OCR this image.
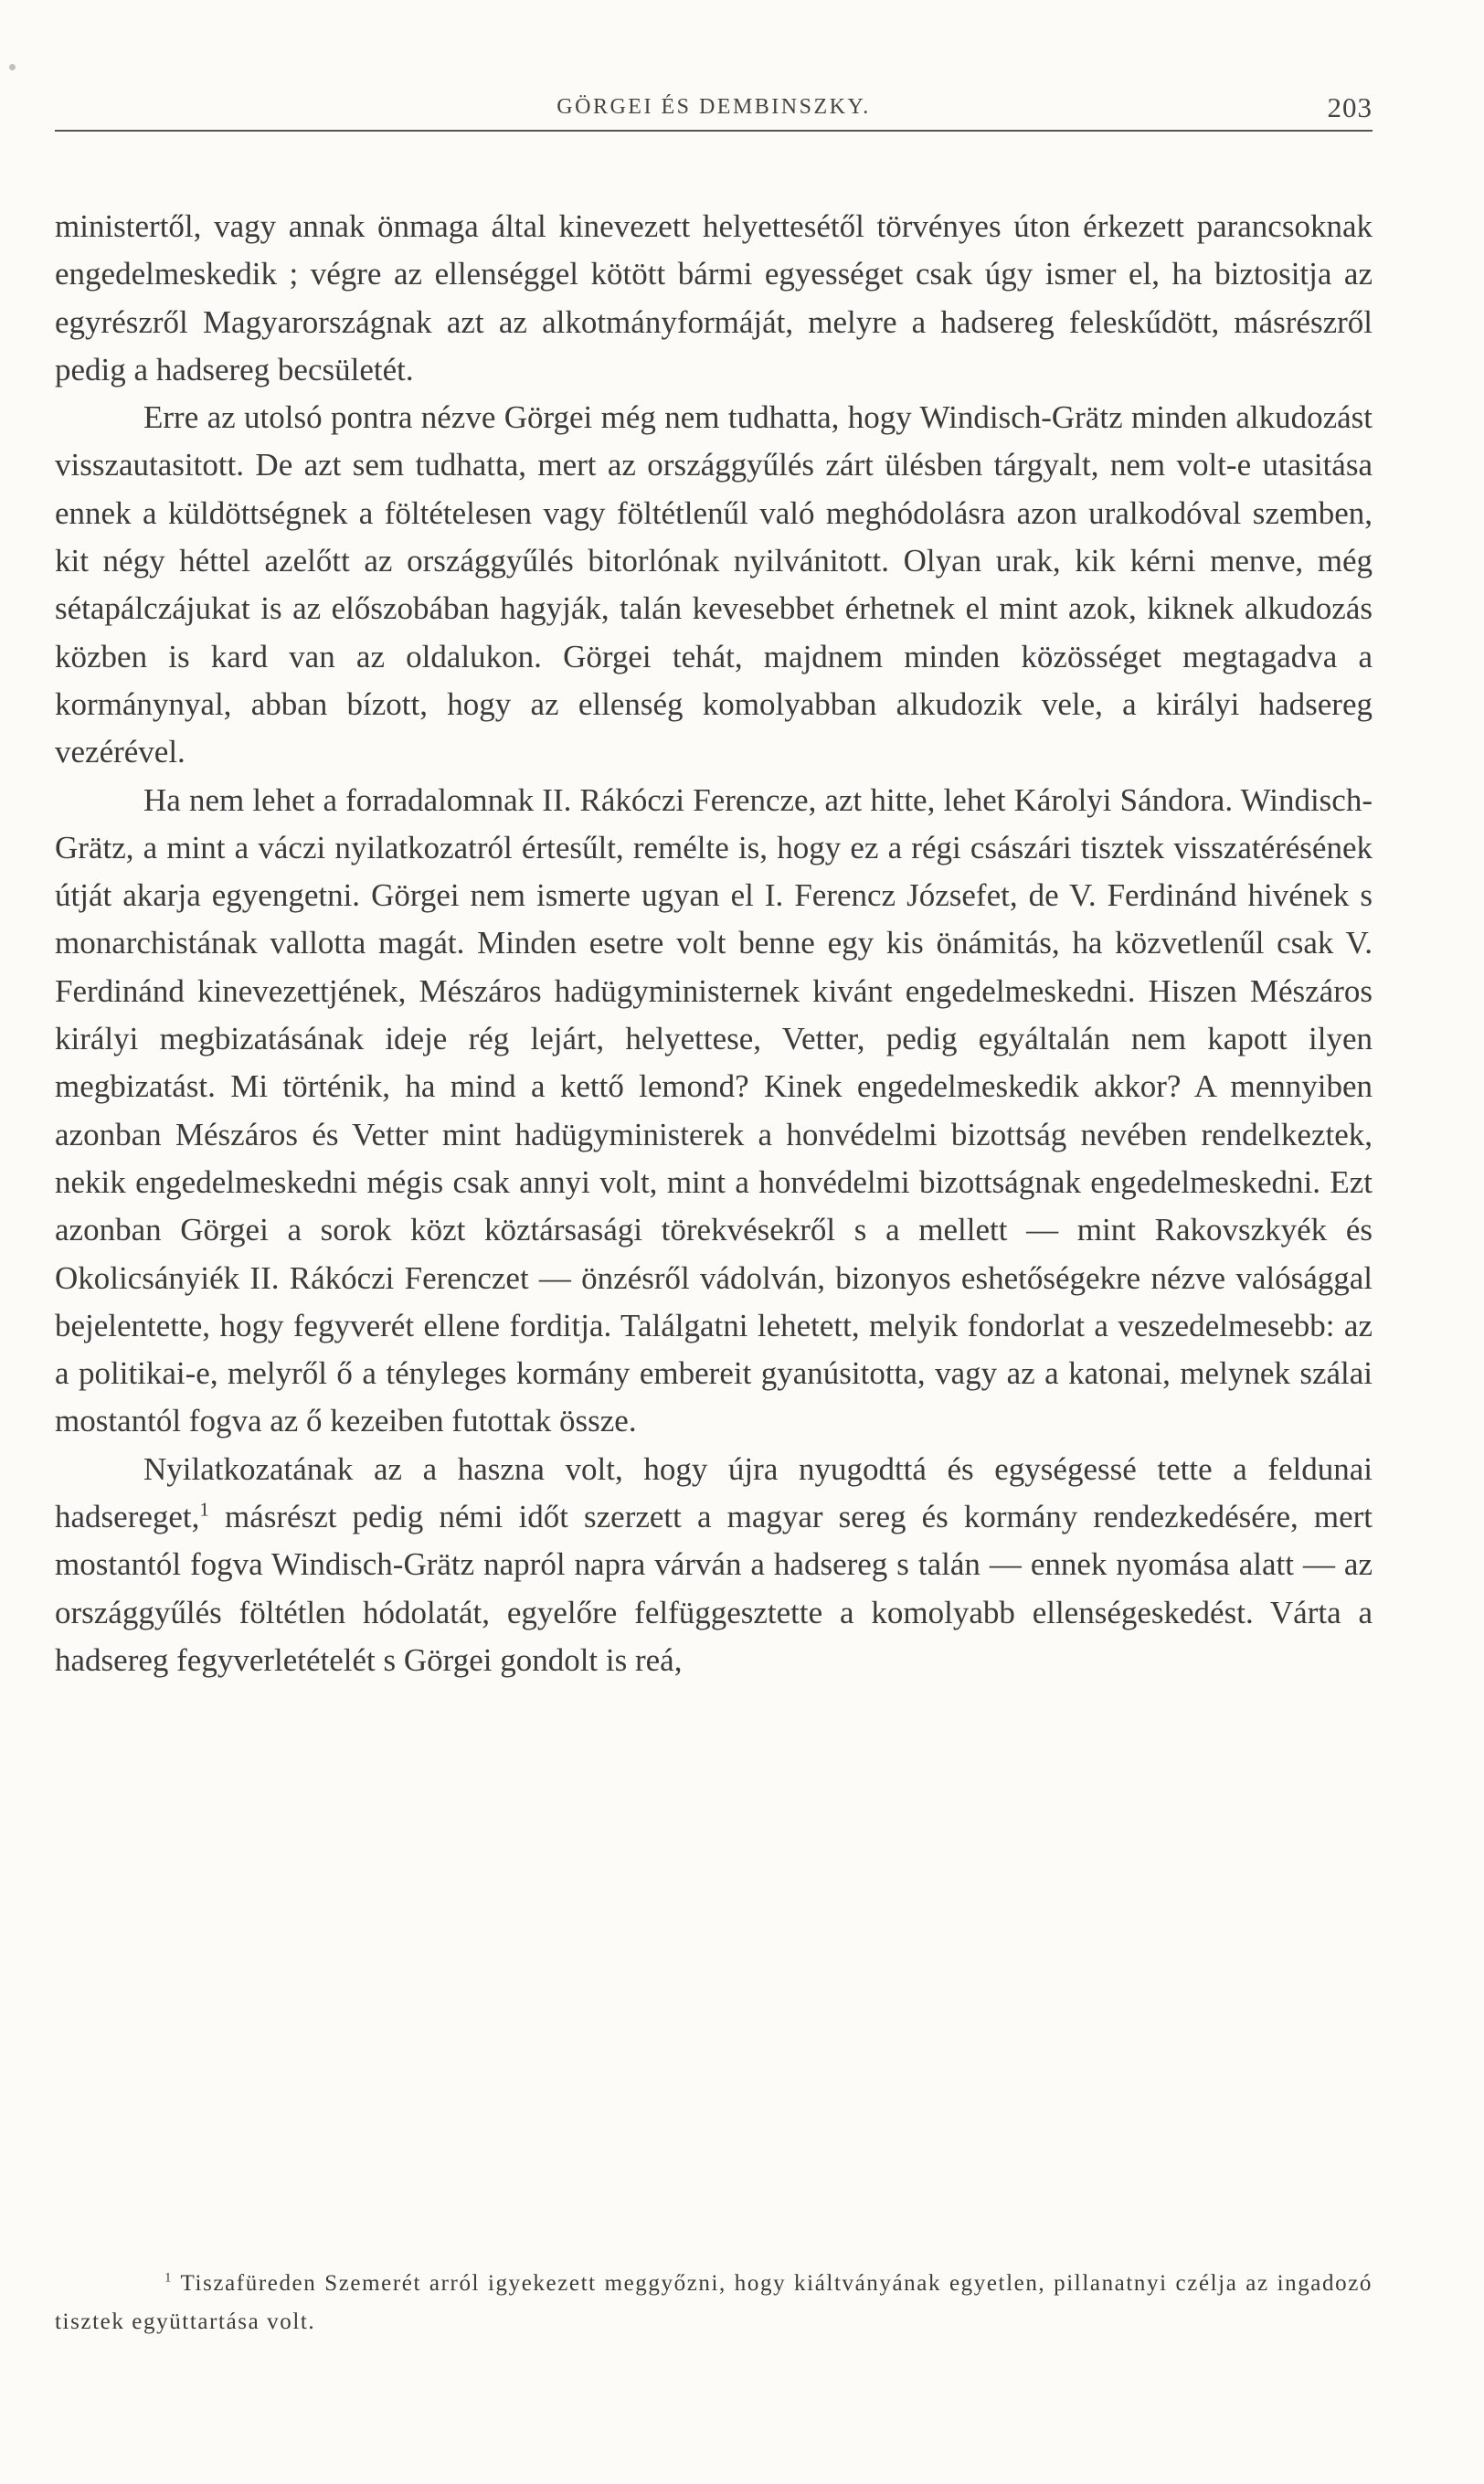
GÖRGEI ÉS DEMBINSZKY.	203

ministertől, vagy annak önmaga által kinevezett helyettesétől törvényes úton érkezett parancsoknak engedelmeskedik ; végre az ellenséggel kötött bármi egyességet csak úgy ismer el, ha biztositja az egyrészről Magyarországnak azt az alkotmányformáját, melyre a hadsereg feleskűdött, másrészről pedig a hadsereg becsületét.

Erre az utolsó pontra nézve Görgei még nem tudhatta, hogy Windisch-Grätz minden alkudozást visszautasitott. De azt sem tudhatta, mert az országgyűlés zárt ülésben tárgyalt, nem volt-e utasitása ennek a küldöttségnek a föltételesen vagy föltétlenűl való meghódolásra azon uralkodóval szemben, kit négy héttel azelőtt az országgyűlés bitorlónak nyilvánitott. Olyan urak, kik kérni menve, még sétapálczájukat is az előszobában hagyják, talán kevesebbet érhetnek el mint azok, kiknek alkudozás közben is kard van az oldalukon. Görgei tehát, majdnem minden közösséget megtagadva a kormánynyal, abban bízott, hogy az ellenség komolyabban alkudozik vele, a királyi hadsereg vezérével.

Ha nem lehet a forradalomnak II. Rákóczi Ferencze, azt hitte, lehet Károlyi Sándora. Windisch-Grätz, a mint a váczi nyilatkozatról értesűlt, remélte is, hogy ez a régi császári tisztek visszatérésének útját akarja egyengetni. Görgei nem ismerte ugyan el I. Ferencz Józsefet, de V. Ferdinánd hivének s monarchistának vallotta magát. Minden esetre volt benne egy kis önámitás, ha közvetlenűl csak V. Ferdinánd kinevezettjének, Mészáros hadügyministernek kivánt engedelmeskedni. Hiszen Mészáros királyi megbizatásának ideje rég lejárt, helyettese, Vetter, pedig egyáltalán nem kapott ilyen megbizatást. Mi történik, ha mind a kettő lemond? Kinek engedelmeskedik akkor? A mennyiben azonban Mészáros és Vetter mint hadügyministerek a honvédelmi bizottság nevében rendelkeztek, nekik engedelmeskedni mégis csak annyi volt, mint a honvédelmi bizottságnak engedelmeskedni. Ezt azonban Görgei a sorok közt köztársasági törekvésekről s a mellett — mint Rakovszkyék és Okolicsányiék II. Rákóczi Ferenczet — önzésről vádolván, bizonyos eshetőségekre nézve valósággal bejelentette, hogy fegyverét ellene forditja. Találgatni lehetett, melyik fondorlat a veszedelmesebb: az a politikai-e, melyről ő a tényleges kormány embereit gyanúsitotta, vagy az a katonai, melynek szálai mostantól fogva az ő kezeiben futottak össze.

Nyilatkozatának az a haszna volt, hogy újra nyugodttá és egységessé tette a feldunai hadsereget,$^1$ másrészt pedig némi időt szerzett a magyar sereg és kormány rendezkedésére, mert mostantól fogva Windisch-Grätz napról napra várván a hadsereg s talán — ennek nyomása alatt — az országgyűlés föltétlen hódolatát, egyelőre felfüggesztette a komolyabb ellenségeskedést. Várta a hadsereg fegyverletételét s Görgei gondolt is reá,

$^1$ Tiszafüreden Szemerét arról igyekezett meggyőzni, hogy kiáltványának egyetlen, pillanatnyi czélja az ingadozó tisztek együttartása volt.
